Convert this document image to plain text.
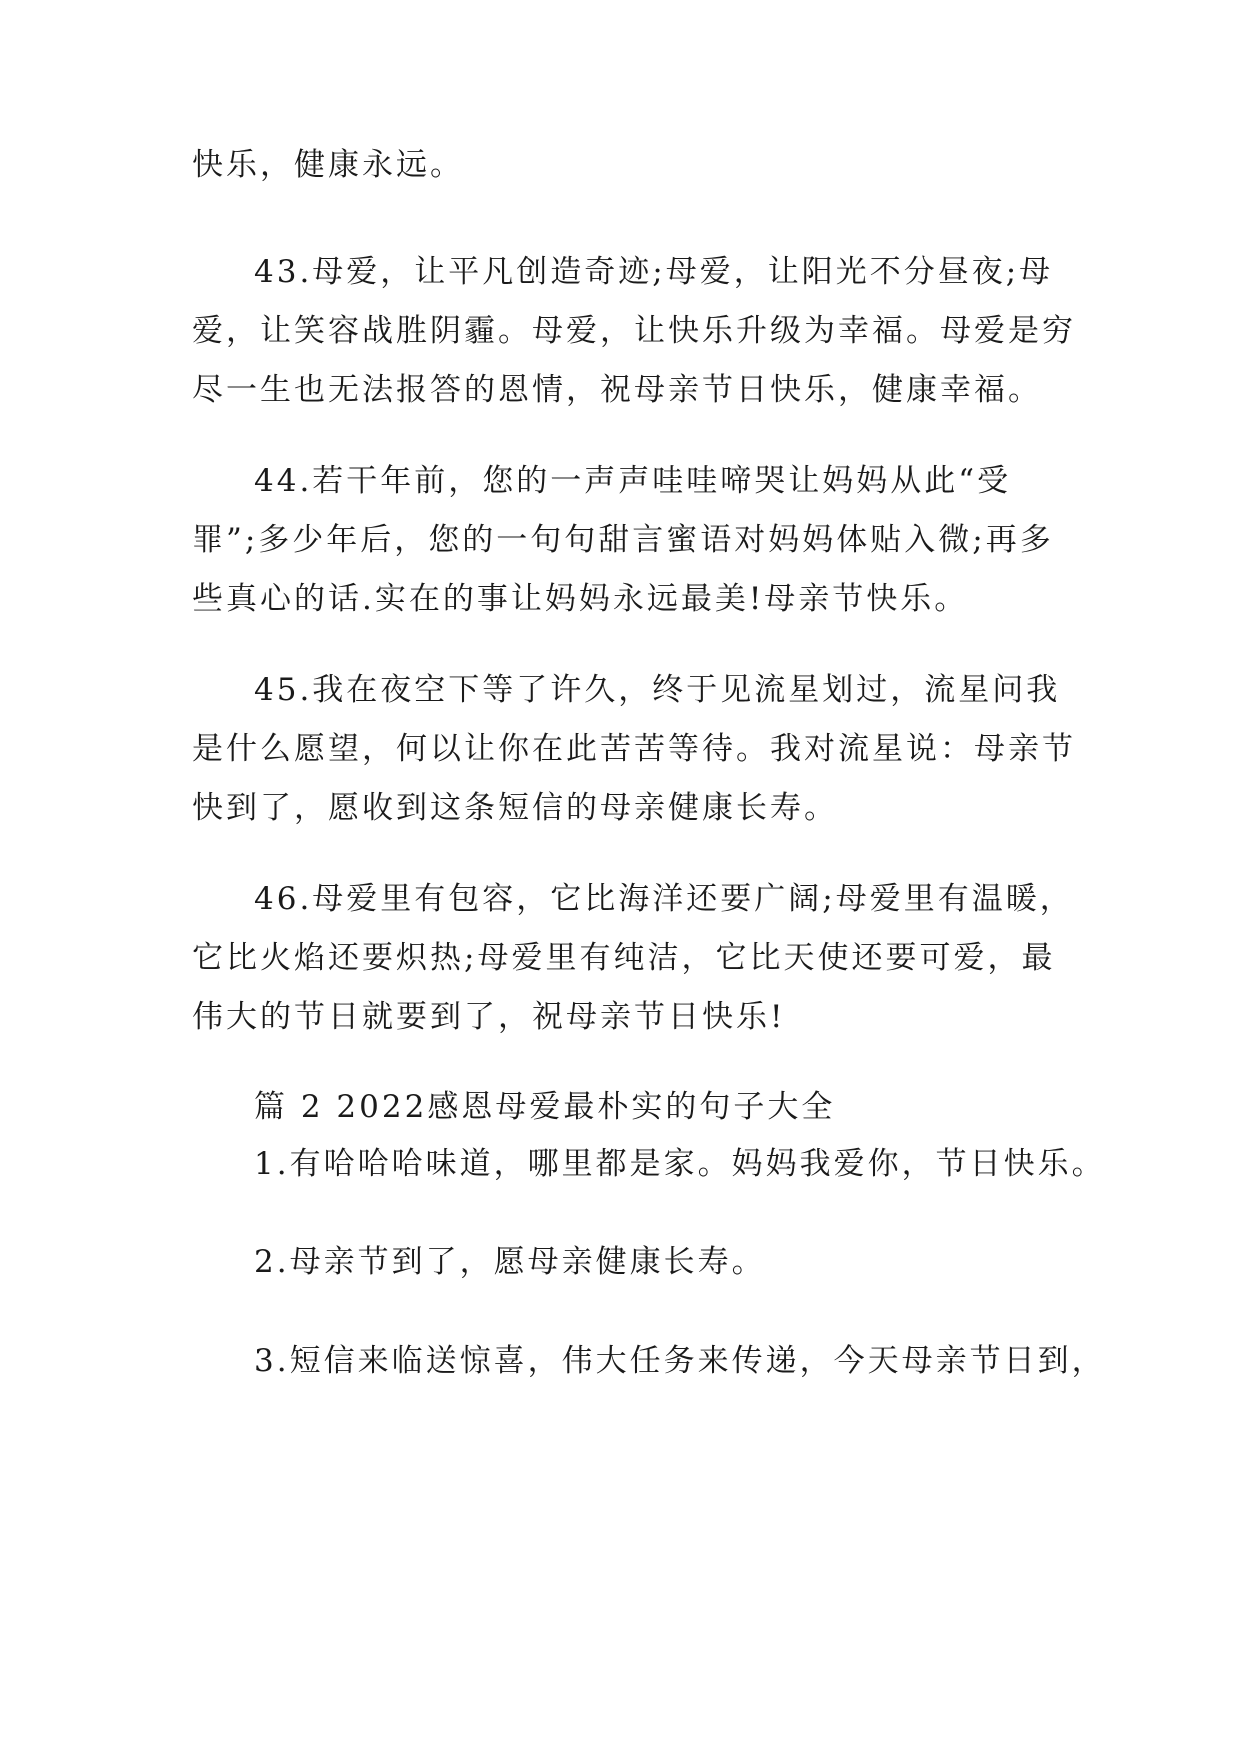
快乐，健康永远。
43.母爱，让平凡创造奇迹;母爱，让阳光不分昼夜;母
爱，让笑容战胜阴霾。母爱，让快乐升级为幸福。母爱是穷
尽一生也无法报答的恩情，祝母亲节日快乐，健康幸福。
44.若干年前，您的一声声哇哇啼哭让妈妈从此“受
罪”;多少年后，您的一句句甜言蜜语对妈妈体贴入微;再多
些真心的话.实在的事让妈妈永远最美!母亲节快乐。
45.我在夜空下等了许久，终于见流星划过，流星问我
是什么愿望，何以让你在此苦苦等待。我对流星说：母亲节
快到了，愿收到这条短信的母亲健康长寿。
46.母爱里有包容，它比海洋还要广阔;母爱里有温暖，
它比火焰还要炽热;母爱里有纯洁，它比天使还要可爱，最
伟大的节日就要到了，祝母亲节日快乐!
篇 2 2022感恩母爱最朴实的句子大全
1.有哈哈哈味道，哪里都是家。妈妈我爱你，节日快乐。
2.母亲节到了，愿母亲健康长寿。
3.短信来临送惊喜，伟大任务来传递，今天母亲节日到，
